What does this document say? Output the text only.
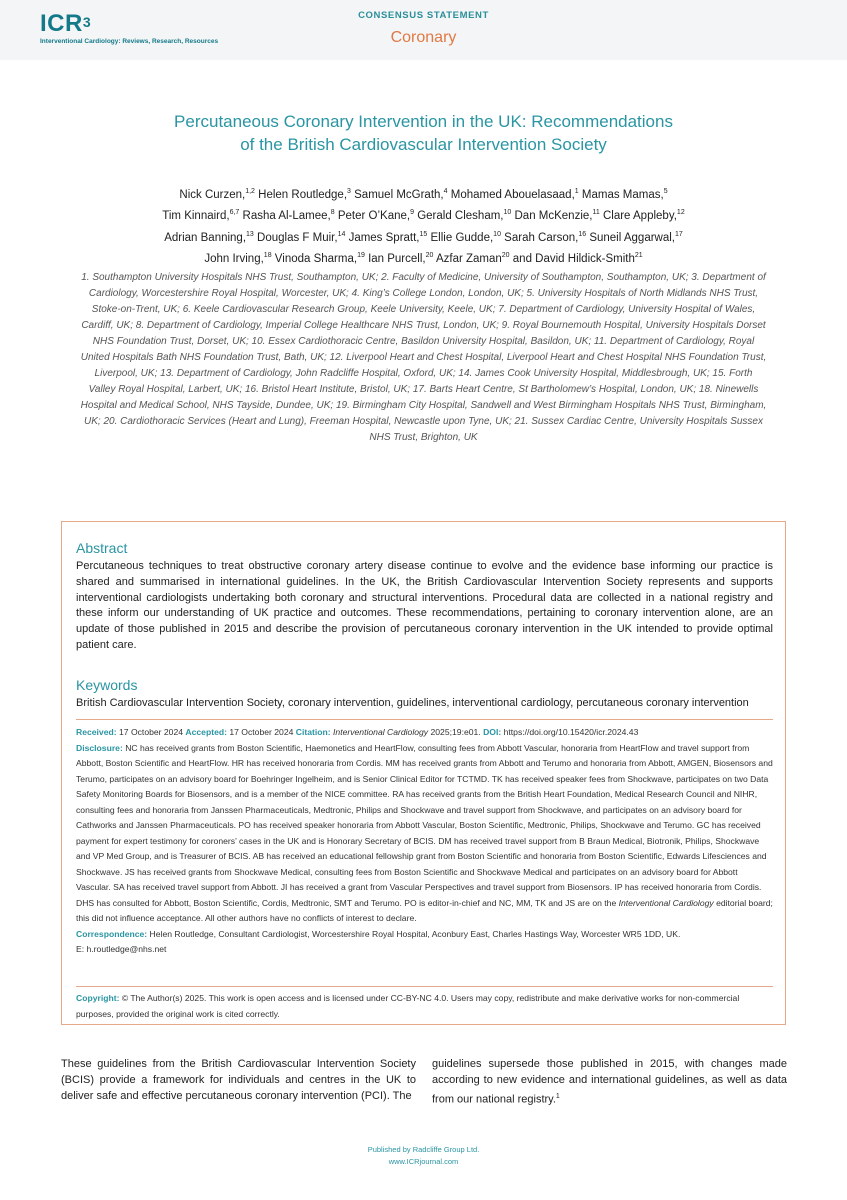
ICR$^3$
Interventional Cardiology: Reviews, Research, Resources
CONSENSUS STATEMENT
Coronary
Percutaneous Coronary Intervention in the UK: Recommendations
of the British Cardiovascular Intervention Society
Nick Curzen,$^{1,2}$ Helen Routledge,$^3$ Samuel McGrath,$^4$ Mohamed Abouelasaad,$^1$ Mamas Mamas,$^5$
Tim Kinnaird,$^{6,7}$ Rasha Al-Lamee,$^8$ Peter O’Kane,$^9$ Gerald Clesham,$^{10}$ Dan McKenzie,$^{11}$ Clare Appleby,$^{12}$
Adrian Banning,$^{13}$ Douglas F Muir,$^{14}$ James Spratt,$^{15}$ Ellie Gudde,$^{10}$ Sarah Carson,$^{16}$ Suneil Aggarwal,$^{17}$
John Irving,$^{18}$ Vinoda Sharma,$^{19}$ Ian Purcell,$^{20}$ Azfar Zaman$^{20}$ and David Hildick-Smith$^{21}$
1. Southampton University Hospitals NHS Trust, Southampton, UK; 2. Faculty of Medicine, University of Southampton, Southampton, UK; 3. Department of Cardiology, Worcestershire Royal Hospital, Worcester, UK; 4. King’s College London, London, UK; 5. University Hospitals of North Midlands NHS Trust, Stoke-on-Trent, UK; 6. Keele Cardiovascular Research Group, Keele University, Keele, UK; 7. Department of Cardiology, University Hospital of Wales, Cardiff, UK; 8. Department of Cardiology, Imperial College Healthcare NHS Trust, London, UK; 9. Royal Bournemouth Hospital, University Hospitals Dorset NHS Foundation Trust, Dorset, UK; 10. Essex Cardiothoracic Centre, Basildon University Hospital, Basildon, UK; 11. Department of Cardiology, Royal United Hospitals Bath NHS Foundation Trust, Bath, UK; 12. Liverpool Heart and Chest Hospital, Liverpool Heart and Chest Hospital NHS Foundation Trust, Liverpool, UK; 13. Department of Cardiology, John Radcliffe Hospital, Oxford, UK; 14. James Cook University Hospital, Middlesbrough, UK; 15. Forth Valley Royal Hospital, Larbert, UK; 16. Bristol Heart Institute, Bristol, UK; 17. Barts Heart Centre, St Bartholomew’s Hospital, London, UK; 18. Ninewells Hospital and Medical School, NHS Tayside, Dundee, UK; 19. Birmingham City Hospital, Sandwell and West Birmingham Hospitals NHS Trust, Birmingham, UK; 20. Cardiothoracic Services (Heart and Lung), Freeman Hospital, Newcastle upon Tyne, UK; 21. Sussex Cardiac Centre, University Hospitals Sussex NHS Trust, Brighton, UK
Abstract
Percutaneous techniques to treat obstructive coronary artery disease continue to evolve and the evidence base informing our practice is shared and summarised in international guidelines. In the UK, the British Cardiovascular Intervention Society represents and supports interventional cardiologists undertaking both coronary and structural interventions. Procedural data are collected in a national registry and these inform our understanding of UK practice and outcomes. These recommendations, pertaining to coronary intervention alone, are an update of those published in 2015 and describe the provision of percutaneous coronary intervention in the UK intended to provide optimal patient care.
Keywords
British Cardiovascular Intervention Society, coronary intervention, guidelines, interventional cardiology, percutaneous coronary intervention
Received: 17 October 2024 Accepted: 17 October 2024 Citation: Interventional Cardiology 2025;19:e01. DOI: https://doi.org/10.15420/icr.2024.43
Disclosure: NC has received grants from Boston Scientific, Haemonetics and HeartFlow, consulting fees from Abbott Vascular, honoraria from HeartFlow and travel support from Abbott, Boston Scientific and HeartFlow. HR has received honoraria from Cordis. MM has received grants from Abbott and Terumo and honoraria from Abbott, AMGEN, Biosensors and Terumo, participates on an advisory board for Boehringer Ingelheim, and is Senior Clinical Editor for TCTMD. TK has received speaker fees from Shockwave, participates on two Data Safety Monitoring Boards for Biosensors, and is a member of the NICE committee. RA has received grants from the British Heart Foundation, Medical Research Council and NIHR, consulting fees and honoraria from Janssen Pharmaceuticals, Medtronic, Philips and Shockwave and travel support from Shockwave, and participates on an advisory board for Cathworks and Janssen Pharmaceuticals. PO has received speaker honoraria from Abbott Vascular, Boston Scientific, Medtronic, Philips, Shockwave and Terumo. GC has received payment for expert testimony for coroners’ cases in the UK and is Honorary Secretary of BCIS. DM has received travel support from B Braun Medical, Biotronik, Philips, Shockwave and VP Med Group, and is Treasurer of BCIS. AB has received an educational fellowship grant from Boston Scientific and honoraria from Boston Scientific, Edwards Lifesciences and Shockwave. JS has received grants from Shockwave Medical, consulting fees from Boston Scientific and Shockwave Medical and participates on an advisory board for Abbott Vascular. SA has received travel support from Abbott. JI has received a grant from Vascular Perspectives and travel support from Biosensors. IP has received honoraria from Cordis. DHS has consulted for Abbott, Boston Scientific, Cordis, Medtronic, SMT and Terumo. PO is editor-in-chief and NC, MM, TK and JS are on the Interventional Cardiology editorial board; this did not influence acceptance. All other authors have no conflicts of interest to declare.
Correspondence: Helen Routledge, Consultant Cardiologist, Worcestershire Royal Hospital, Aconbury East, Charles Hastings Way, Worcester WR5 1DD, UK.
E: h.routledge@nhs.net
Copyright: © The Author(s) 2025. This work is open access and is licensed under CC-BY-NC 4.0. Users may copy, redistribute and make derivative works for non-commercial purposes, provided the original work is cited correctly.
These guidelines from the British Cardiovascular Intervention Society (BCIS) provide a framework for individuals and centres in the UK to deliver safe and effective percutaneous coronary intervention (PCI). The
guidelines supersede those published in 2015, with changes made according to new evidence and international guidelines, as well as data from our national registry.$^1$
Published by Radcliffe Group Ltd.
www.ICRjournal.com
